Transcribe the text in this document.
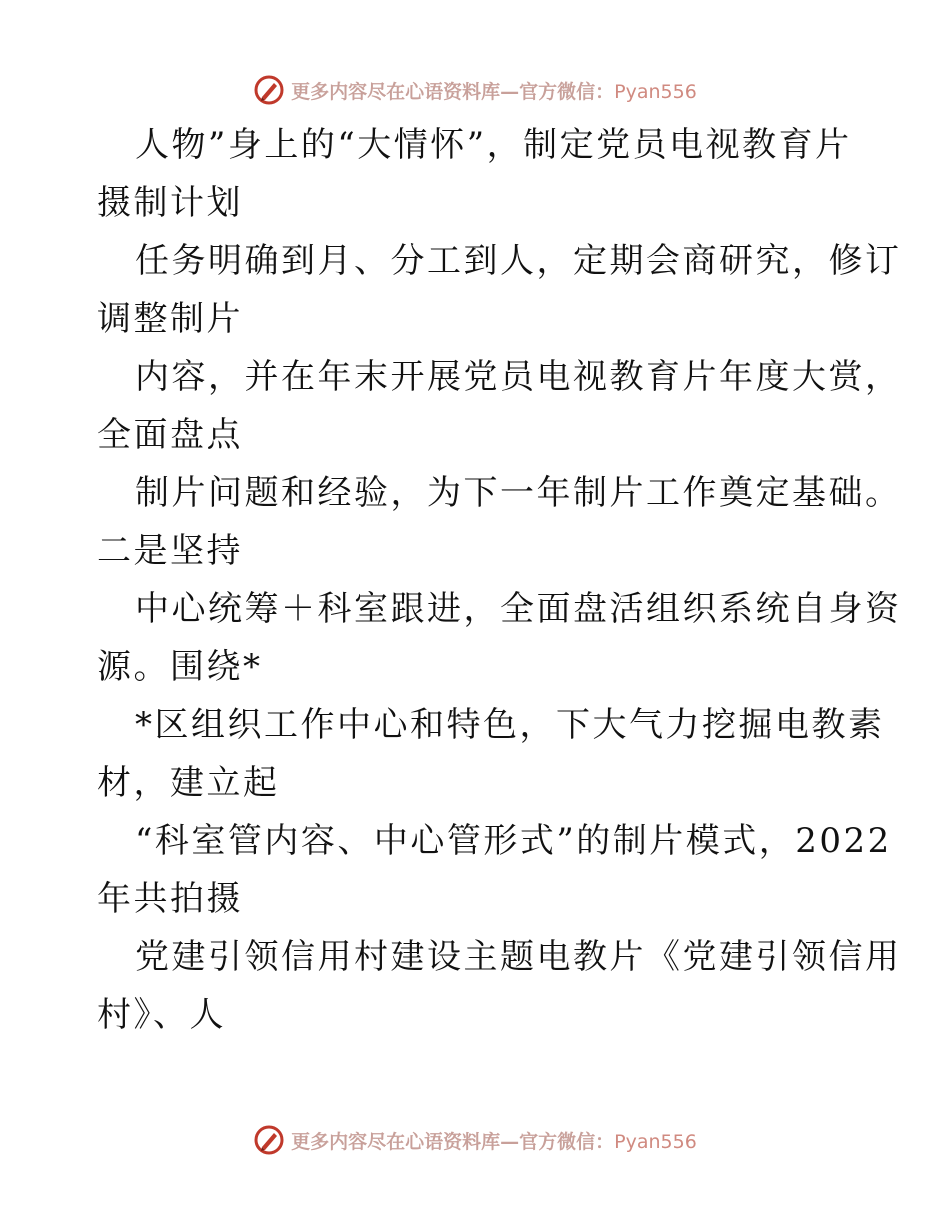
更多内容尽在心语资料库—官方微信：Pyan556
人物”身上的“大情怀”，制定党员电视教育片
摄制计划
任务明确到月、分工到人，定期会商研究，修订
调整制片
内容，并在年末开展党员电视教育片年度大赏，
全面盘点
制片问题和经验，为下一年制片工作奠定基础。
二是坚持
中心统筹＋科室跟进，全面盘活组织系统自身资
源。围绕*
*区组织工作中心和特色，下大气力挖掘电教素
材，建立起
“科室管内容、中心管形式”的制片模式，2022
年共拍摄
党建引领信用村建设主题电教片《党建引领信用
村》、人
更多内容尽在心语资料库—官方微信：Pyan556
